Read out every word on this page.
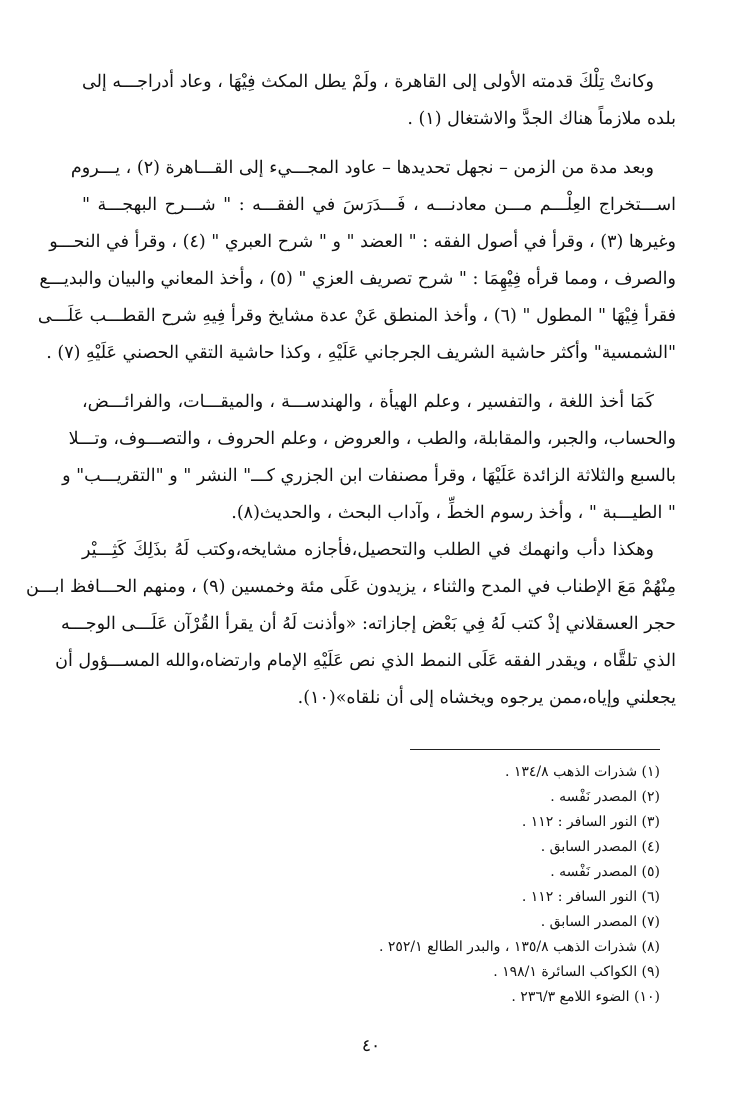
وكانتْ تِلْكَ قدمته الأولى إلى القاهرة ، ولَمْ يطل المكث فِيْهَا ، وعاد أدراجـــه إلى
بلده ملازماً هناك الجدَّ والاشتغال (١) .
وبعد مدة من الزمن – نجهل تحديدها – عاود المجـــيء إلى القـــاهرة (٢) ، يـــروم
اســـتخراج العِلْـــم مـــن معادنـــه ، فَـــدَرَسَ في الفقـــه : " شـــرح البهجـــة "
وغيرها (٣) ، وقرأ في أصول الفقه : " العضد " و " شرح العبري " (٤) ، وقرأ في النحـــو
والصرف ، ومما قرأه فِيْهِمَا : " شرح تصريف العزي " (٥) ، وأخذ المعاني والبيان والبديـــع
فقرأ فِيْهَا " المطول " (٦) ، وأخذ المنطق عَنْ عدة مشايخ وقرأ فِيهِ شرح القطـــب عَلَـــى
"الشمسية" وأكثر حاشية الشريف الجرجاني عَلَيْهِ ، وكذا حاشية التقي الحصني عَلَيْهِ (٧) .
كَمَا أخذ اللغة ، والتفسير ، وعلم الهيأة ، والهندســـة ، والميقـــات، والفرائـــض،
والحساب، والجبر، والمقابلة، والطب ، والعروض ، وعلم الحروف ، والتصـــوف، وتـــلا
بالسبع والثلاثة الزائدة عَلَيْهَا ، وقرأ مصنفات ابن الجزري كـــ" النشر " و "التقريـــب" و
" الطيـــبة " ، وأخذ رسوم الخطِّ ، وآداب البحث ، والحديث(٨).
وهكذا دأب وانهمك في الطلب والتحصيل،فأجازه مشايخه،وكتب لَهُ بذَلِكَ كَثِـــيْر
مِنْهُمْ مَعَ الإطناب في المدح والثناء ، يزيدون عَلَى مئة وخمسين (٩) ، ومنهم الحـــافظ ابـــن
حجر العسقلاني إذْ كتب لَهُ فِي بَعْض إجازاته: «وأذنت لَهُ أن يقرأ القُرْآن عَلَـــى الوجـــه
الذي تلقَّاه ، ويقدر الفقه عَلَى النمط الذي نص عَلَيْهِ الإمام وارتضاه،والله المســـؤول أن
يجعلني وإياه،ممن يرجوه ويخشاه إلى أن نلقاه»(١٠).
(١) شذرات الذهب ١٣٤/٨ .
(٢) المصدر نَفْسه .
(٣) النور السافر : ١١٢ .
(٤) المصدر السابق .
(٥) المصدر نَفْسه .
(٦) النور السافر : ١١٢ .
(٧) المصدر السابق .
(٨) شذرات الذهب ١٣٥/٨ ، والبدر الطالع ٢٥٢/١ .
(٩) الكواكب السائرة ١٩٨/١ .
(١٠) الضوء اللامع ٢٣٦/٣ .
٤٠
